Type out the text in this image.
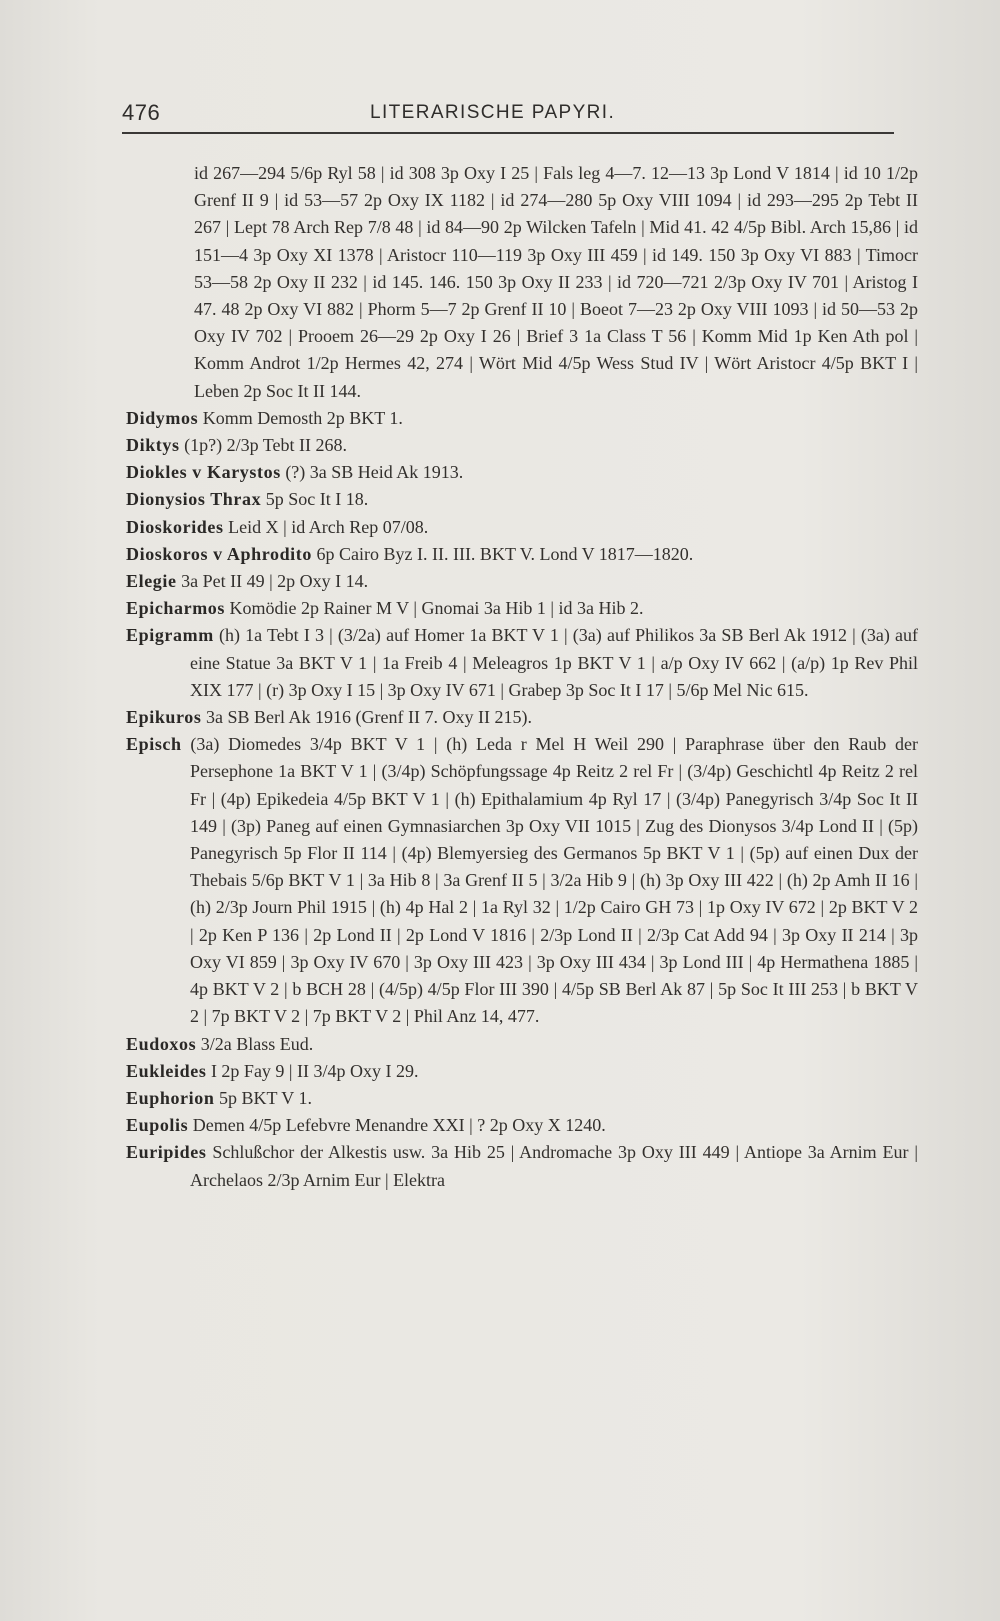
476	LITERARISCHE PAPYRI.

id 267—294 5/6p Ryl 58 | id 308 3p Oxy I 25 | Fals leg 4—7. 12—13 3p Lond V 1814 | id 10 1/2p Grenf II 9 | id 53—57 2p Oxy IX 1182 | id 274—280 5p Oxy VIII 1094 | id 293—295 2p Tebt II 267 | Lept 78 Arch Rep 7/8 48 | id 84—90 2p Wilcken Tafeln | Mid 41. 42 4/5p Bibl. Arch 15,86 | id 151—4 3p Oxy XI 1378 | Aristocr 110—119 3p Oxy III 459 | id 149. 150 3p Oxy VI 883 | Timocr 53—58 2p Oxy II 232 | id 145. 146. 150 3p Oxy II 233 | id 720—721 2/3p Oxy IV 701 | Aristog I 47. 48 2p Oxy VI 882 | Phorm 5—7 2p Grenf II 10 | Boeot 7—23 2p Oxy VIII 1093 | id 50—53 2p Oxy IV 702 | Prooem 26—29 2p Oxy I 26 | Brief 3 1a Class T 56 | Komm Mid 1p Ken Ath pol | Komm Androt 1/2p Hermes 42, 274 | Wört Mid 4/5p Wess Stud IV | Wört Aristocr 4/5p BKT I | Leben 2p Soc It II 144.

Didymos Komm Demosth 2p BKT 1.

Diktys (1p?) 2/3p Tebt II 268.

Diokles v Karystos (?) 3a SB Heid Ak 1913.

Dionysios Thrax 5p Soc It I 18.

Dioskorides Leid X | id Arch Rep 07/08.

Dioskoros v Aphrodito 6p Cairo Byz I. II. III. BKT V. Lond V 1817—1820.

Elegie 3a Pet II 49 | 2p Oxy I 14.

Epicharmos Komödie 2p Rainer M V | Gnomai 3a Hib 1 | id 3a Hib 2.

Epigramm (h) 1a Tebt I 3 | (3/2a) auf Homer 1a BKT V 1 | (3a) auf Philikos 3a SB Berl Ak 1912 | (3a) auf eine Statue 3a BKT V 1 | 1a Freib 4 | Meleagros 1p BKT V 1 | a/p Oxy IV 662 | (a/p) 1p Rev Phil XIX 177 | (r) 3p Oxy I 15 | 3p Oxy IV 671 | Grabep 3p Soc It I 17 | 5/6p Mel Nic 615.

Epikuros 3a SB Berl Ak 1916 (Grenf II 7. Oxy II 215).

Episch (3a) Diomedes 3/4p BKT V 1 | (h) Leda r Mel H Weil 290 | Paraphrase über den Raub der Persephone 1a BKT V 1 | (3/4p) Schöpfungssage 4p Reitz 2 rel Fr | (3/4p) Geschichtl 4p Reitz 2 rel Fr | (4p) Epikedeia 4/5p BKT V 1 | (h) Epithalamium 4p Ryl 17 | (3/4p) Panegyrisch 3/4p Soc It II 149 | (3p) Paneg auf einen Gymnasiarchen 3p Oxy VII 1015 | Zug des Dionysos 3/4p Lond II | (5p) Panegyrisch 5p Flor II 114 | (4p) Blemyersieg des Germanos 5p BKT V 1 | (5p) auf einen Dux der Thebais 5/6p BKT V 1 | 3a Hib 8 | 3a Grenf II 5 | 3/2a Hib 9 | (h) 3p Oxy III 422 | (h) 2p Amh II 16 | (h) 2/3p Journ Phil 1915 | (h) 4p Hal 2 | 1a Ryl 32 | 1/2p Cairo GH 73 | 1p Oxy IV 672 | 2p BKT V 2 | 2p Ken P 136 | 2p Lond II | 2p Lond V 1816 | 2/3p Lond II | 2/3p Cat Add 94 | 3p Oxy II 214 | 3p Oxy VI 859 | 3p Oxy IV 670 | 3p Oxy III 423 | 3p Oxy III 434 | 3p Lond III | 4p Hermathena 1885 | 4p BKT V 2 | b BCH 28 | (4/5p) 4/5p Flor III 390 | 4/5p SB Berl Ak 87 | 5p Soc It III 253 | b BKT V 2 | 7p BKT V 2 | 7p BKT V 2 | Phil Anz 14, 477.

Eudoxos 3/2a Blass Eud.

Eukleides I 2p Fay 9 | II 3/4p Oxy I 29.

Euphorion 5p BKT V 1.

Eupolis Demen 4/5p Lefebvre Menandre XXI | ? 2p Oxy X 1240.

Euripides Schlußchor der Alkestis usw. 3a Hib 25 | Andromache 3p Oxy III 449 | Antiope 3a Arnim Eur | Archelaos 2/3p Arnim Eur | Elektra
